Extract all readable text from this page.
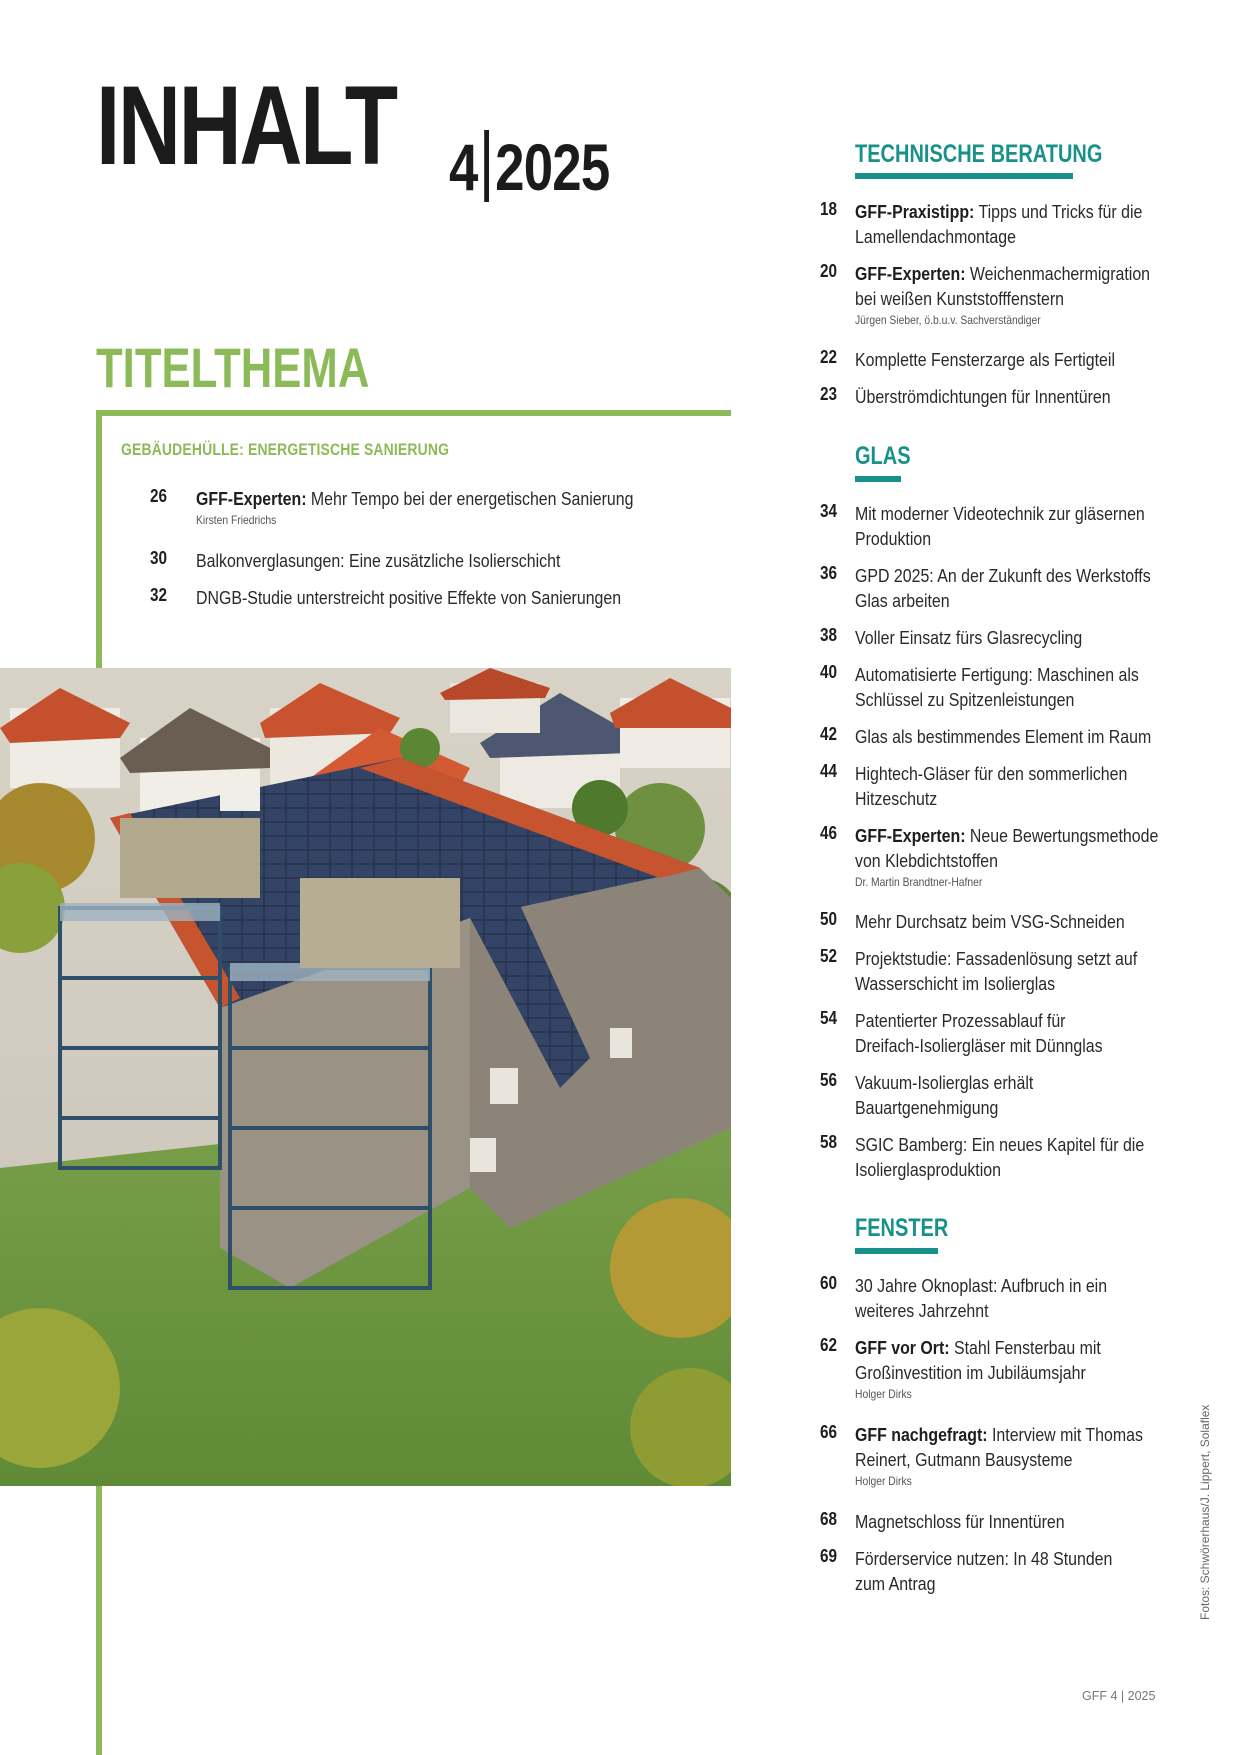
INHALT 4 2025
TITELTHEMA
GEBÄUDEHÜLLE: ENERGETISCHE SANIERUNG
26 GFF-Experten: Mehr Tempo bei der energetischen Sanierung
Kirsten Friedrichs
30 Balkonverglasungen: Eine zusätzliche Isolierschicht
32 DNGB-Studie unterstreicht positive Effekte von Sanierungen
TECHNISCHE BERATUNG
18 GFF-Praxistipp: Tipps und Tricks für die
Lamellendachmontage
20 GFF-Experten: Weichenmachermigration
bei weißen Kunststofffenstern
Jürgen Sieber, ö.b.u.v. Sachverständiger
22 Komplette Fensterzarge als Fertigteil
23 Überströmdichtungen für Innentüren
GLAS
34 Mit moderner Videotechnik zur gläsernen
Produktion
36 GPD 2025: An der Zukunft des Werkstoffs
Glas arbeiten
38 Voller Einsatz fürs Glasrecycling
40 Automatisierte Fertigung: Maschinen als
Schlüssel zu Spitzenleistungen
42 Glas als bestimmendes Element im Raum
44 Hightech-Gläser für den sommerlichen
Hitzeschutz
46 GFF-Experten: Neue Bewertungsmethode
von Klebdichtstoffen
Dr. Martin Brandtner-Hafner
50 Mehr Durchsatz beim VSG-Schneiden
52 Projektstudie: Fassadenlösung setzt auf
Wasserschicht im Isolierglas
54 Patentierter Prozessablauf für
Dreifach-Isoliergläser mit Dünnglas
56 Vakuum-Isolierglas erhält
Bauartgenehmigung
58 SGIC Bamberg: Ein neues Kapitel für die
Isolierglasproduktion
FENSTER
60 30 Jahre Oknoplast: Aufbruch in ein
weiteres Jahrzehnt
62 GFF vor Ort: Stahl Fensterbau mit
Großinvestition im Jubiläumsjahr
Holger Dirks
66 GFF nachgefragt: Interview mit Thomas
Reinert, Gutmann Bausysteme
Holger Dirks
68 Magnetschloss für Innentüren
69 Förderservice nutzen: In 48 Stunden
zum Antrag	Fotos: Schwörerhaus/J. Lippert, Solaflex
GFF 4 | 2025
